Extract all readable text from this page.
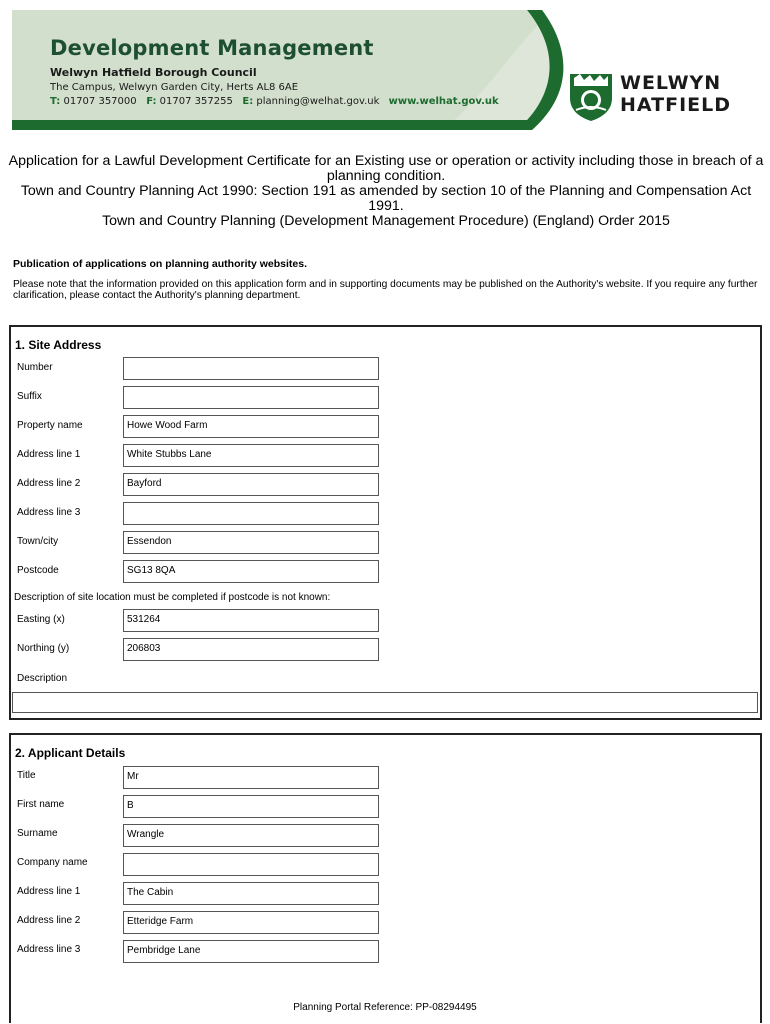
Development Management
Welwyn Hatfield Borough Council
The Campus, Welwyn Garden City, Herts AL8 6AE
T: 01707 357000 F: 01707 357255 E: planning@welhat.gov.uk www.welhat.gov.uk
WELWYN
HATFIELD
Application for a Lawful Development Certificate for an Existing use or operation or activity including those in breach of a planning condition.
Town and Country Planning Act 1990: Section 191 as amended by section 10 of the Planning and Compensation Act 1991.
Town and Country Planning (Development Management Procedure) (England) Order 2015
Publication of applications on planning authority websites.
Please note that the information provided on this application form and in supporting documents may be published on the Authority's website. If you require any further clarification, please contact the Authority's planning department.
1. Site Address
Number
Suffix
Property name	Howe Wood Farm
Address line 1	White Stubbs Lane
Address line 2	Bayford
Address line 3
Town/city	Essendon
Postcode	SG13 8QA
Description of site location must be completed if postcode is not known:
Easting (x)	531264
Northing (y)	206803
Description
2. Applicant Details
Title	Mr
First name	B
Surname	Wrangle
Company name
Address line 1	The Cabin
Address line 2	Etteridge Farm
Address line 3	Pembridge Lane
Planning Portal Reference: PP-08294495
